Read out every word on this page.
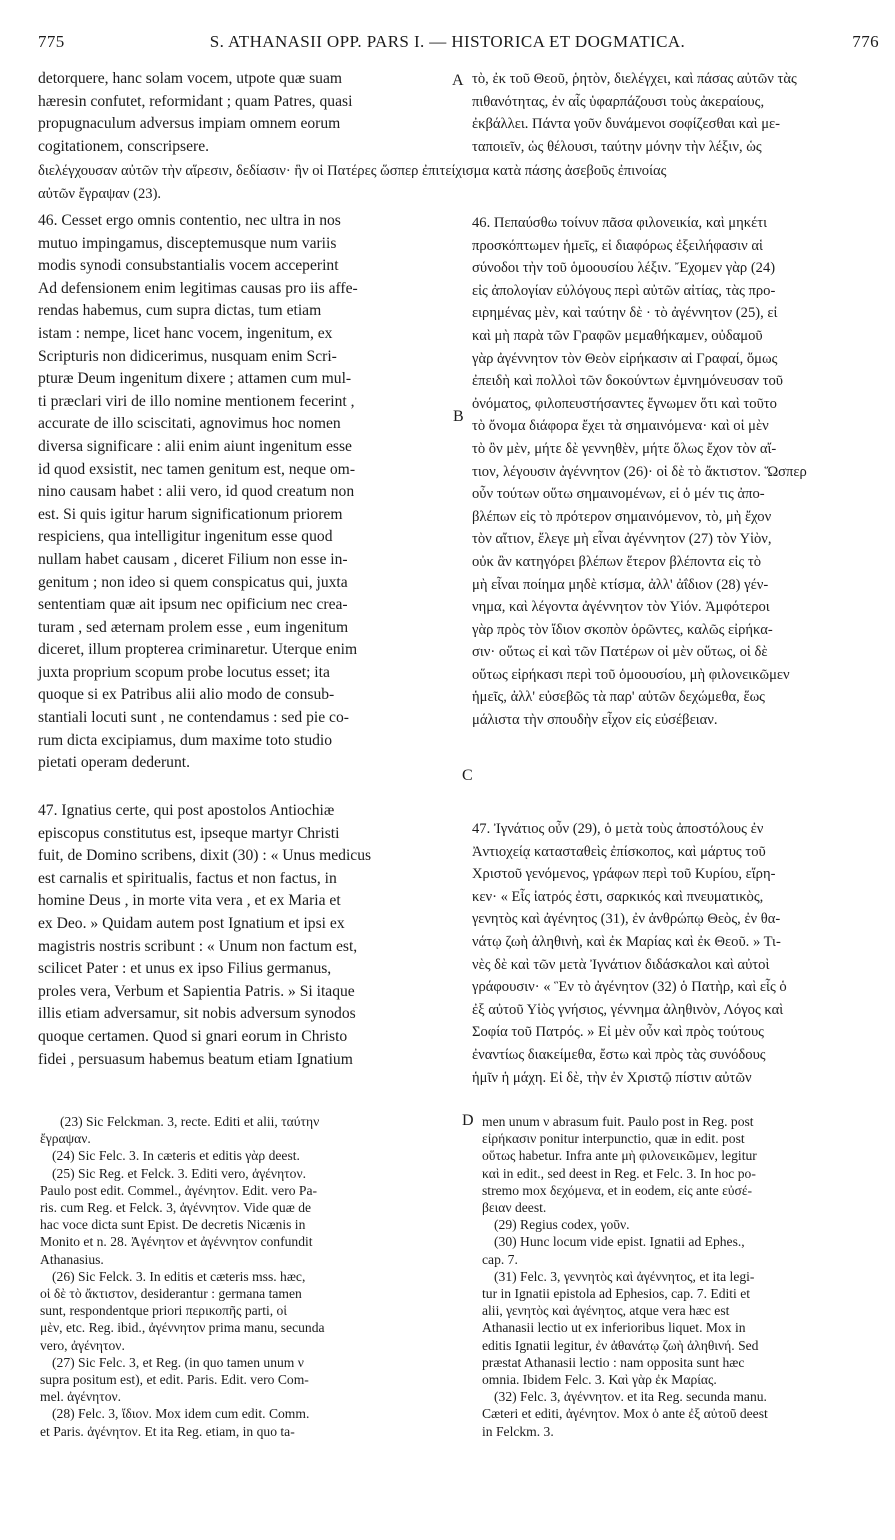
775	S. ATHANASII OPP. PARS I. — HISTORICA ET DOGMATICA.	776

detorquere, hanc solam vocem, utpote quæ suam

hæresin confutet, reformidant ; quam Patres, quasi

propugnaculum adversus impiam omnem eorum

cogitationem, conscripsere.

A τὸ, ἐκ τοῦ Θεοῦ, ῥητὸν, διελέγχει, καὶ πάσας αὐτῶν τὰς

πιθανότητας, ἐν αἷς ὑφαρπάζουσι τοὺς ἀκεραίους,

ἐκβάλλει. Πάντα γοῦν δυνάμενοι σοφίζεσθαι καὶ με-

ταποιεῖν, ὡς θέλουσι, ταύτην μόνην τὴν λέξιν, ὡς

διελέγχουσαν αὐτῶν τὴν αἵρεσιν, δεδίασιν· ἣν οἱ Πατέρες ὥσπερ ἐπιτείχισμα κατὰ πάσης ἀσεβοῦς ἐπινοίας

αὐτῶν ἔγραψαν (23).

46. Cesset ergo omnis contentio, nec ultra in nos

mutuo impingamus, disceptemusque num variis

modis synodi consubstantialis vocem acceperint

Ad defensionem enim legitimas causas pro iis affe-

rendas habemus, cum supra dictas, tum etiam

istam : nempe, licet hanc vocem, ingenitum, ex

Scripturis non didicerimus, nusquam enim Scri-

pturæ Deum ingenitum dixere ; attamen cum mul-

ti præclari viri de illo nomine mentionem fecerint ,

accurate de illo sciscitati, agnovimus hoc nomen

diversa significare : alii enim aiunt ingenitum esse

id quod exsistit, nec tamen genitum est, neque om-

nino causam habet : alii vero, id quod creatum non

est. Si quis igitur harum significationum priorem

respiciens, qua intelligitur ingenitum esse quod

nullam habet causam , diceret Filium non esse in-

genitum ; non ideo si quem conspicatus qui, juxta

sententiam quæ ait ipsum nec opificium nec crea-

turam , sed æternam prolem esse , eum ingenitum

diceret, illum propterea criminaretur. Uterque enim

juxta proprium scopum probe locutus esset; ita

quoque si ex Patribus alii alio modo de consub-

stantiali locuti sunt , ne contendamus : sed pie co-

rum dicta excipiamus, dum maxime toto studio

pietati operam dederunt.

B
C

46. Πεπαύσθω τοίνυν πᾶσα φιλονεικία, καὶ μηκέτι

προσκόπτωμεν ἡμεῖς, εἰ διαφόρως ἐξειλήφασιν αἱ

σύνοδοι τὴν τοῦ ὁμοουσίου λέξιν. Ἔχομεν γὰρ (24)

εἰς ἀπολογίαν εὐλόγους περὶ αὐτῶν αἰτίας, τὰς προ-

ειρημένας μὲν, καὶ ταύτην δὲ · τὸ ἀγέννητον (25), εἰ

καὶ μὴ παρὰ τῶν Γραφῶν μεμαθήκαμεν, οὐδαμοῦ

γὰρ ἀγέννητον τὸν Θεὸν εἰρήκασιν αἱ Γραφαί, ὅμως

ἐπειδὴ καὶ πολλοὶ τῶν δοκούντων ἐμνημόνευσαν τοῦ

ὀνόματος, φιλοπευστήσαντες ἔγνωμεν ὅτι καὶ τοῦτο

τὸ ὄνομα διάφορα ἔχει τὰ σημαινόμενα· καὶ οἱ μὲν

τὸ ὂν μὲν, μήτε δὲ γεννηθὲν, μήτε ὅλως ἔχον τὸν αἴ-

τιον, λέγουσιν ἀγέννητον (26)· οἱ δὲ τὸ ἄκτιστον. Ὥσπερ

οὖν τούτων οὕτω σημαινομένων, εἰ ὁ μέν τις ἀπο-

βλέπων εἰς τὸ πρότερον σημαινόμενον, τὸ, μὴ ἔχον

τὸν αἴτιον, ἔλεγε μὴ εἶναι ἀγέννητον (27) τὸν Υἱὸν,

οὐκ ἂν κατηγόρει βλέπων ἕτερον βλέποντα εἰς τὸ

μὴ εἶναι ποίημα μηδὲ κτίσμα, ἀλλ' ἀΐδιον (28) γέν-

νημα, καὶ λέγοντα ἀγέννητον τὸν Υἱόν. Ἀμφότεροι

γὰρ πρὸς τὸν ἴδιον σκοπὸν ὁρῶντες, καλῶς εἰρήκα-

σιν· οὕτως εἰ καὶ τῶν Πατέρων οἱ μὲν οὕτως, οἱ δὲ

οὕτως εἰρήκασι περὶ τοῦ ὁμοουσίου, μὴ φιλονεικῶμεν

ἡμεῖς, ἀλλ' εὐσεβῶς τὰ παρ' αὐτῶν δεχώμεθα, ἕως

μάλιστα τὴν σπουδὴν εἶχον εἰς εὐσέβειαν.

47. Ignatius certe, qui post apostolos Antiochiæ

episcopus constitutus est, ipseque martyr Christi

fuit, de Domino scribens, dixit (30) : « Unus medicus

est carnalis et spiritualis, factus et non factus, in

homine Deus , in morte vita vera , et ex Maria et

ex Deo. » Quidam autem post Ignatium et ipsi ex

magistris nostris scribunt : « Unum non factum est,

scilicet Pater : et unus ex ipso Filius germanus,

proles vera, Verbum et Sapientia Patris. » Si itaque

illis etiam adversamur, sit nobis adversum synodos

quoque certamen. Quod si gnari eorum in Christo

fidei , persuasum habemus beatum etiam Ignatium

47. Ἰγνάτιος οὖν (29), ὁ μετὰ τοὺς ἀποστόλους ἐν

Ἀντιοχείᾳ κατασταθεὶς ἐπίσκοπος, καὶ μάρτυς τοῦ

Χριστοῦ γενόμενος, γράφων περὶ τοῦ Κυρίου, εἴρη-

κεν· « Εἷς ἰατρός ἐστι, σαρκικός καὶ πνευματικὸς,

γενητὸς καὶ ἀγένητος (31), ἐν ἀνθρώπῳ Θεὸς, ἐν θα-

νάτῳ ζωὴ ἀληθινὴ, καὶ ἐκ Μαρίας καὶ ἐκ Θεοῦ. » Τι-

νὲς δὲ καὶ τῶν μετὰ Ἰγνάτιον διδάσκαλοι καὶ αὐτοὶ

γράφουσιν· « Ἓν τὸ ἀγένητον (32) ὁ Πατὴρ, καὶ εἷς ὁ

ἐξ αὐτοῦ Υἱὸς γνήσιος, γέννημα ἀληθινὸν, Λόγος καὶ

Σοφία τοῦ Πατρός. » Εἰ μὲν οὖν καὶ πρὸς τούτους

ἐναντίως διακείμεθα, ἔστω καὶ πρὸς τὰς συνόδους

ἡμῖν ἡ μάχη. Εἰ δὲ, τὴν ἐν Χριστῷ πίστιν αὐτῶν

D

(23) Sic Felckman. 3, recte. Editi et alii, ταύτην

ἔγραψαν.

(24) Sic Felc. 3. In cæteris et editis γὰρ deest.

(25) Sic Reg. et Felck. 3. Editi vero, ἀγένητον.

Paulo post edit. Commel., ἀγένητον. Edit. vero Pa-

ris. cum Reg. et Felck. 3, ἀγέννητον. Vide quæ de

hac voce dicta sunt Epist. De decretis Nicænis in

Monito et n. 28. Ἀγένητον et ἀγέννητον confundit

Athanasius.

(26) Sic Felck. 3. In editis et cæteris mss. hæc,

οἱ δὲ τὸ ἄκτιστον, desiderantur : germana tamen

sunt, respondentque priori περικοπῆς parti, οἱ

μὲν, etc. Reg. ibid., ἀγέννητον prima manu, secunda

vero, ἀγένητον.

(27) Sic Felc. 3, et Reg. (in quo tamen unum ν

supra positum est), et edit. Paris. Edit. vero Com-

mel. ἀγένητον.

(28) Felc. 3, ἴδιον. Mox idem cum edit. Comm.

et Paris. ἀγένητον. Et ita Reg. etiam, in quo ta-

men unum ν abrasum fuit. Paulo post in Reg. post

εἰρήκασιν ponitur interpunctio, quæ in edit. post

οὕτως habetur. Infra ante μὴ φιλονεικῶμεν, legitur

καὶ in edit., sed deest in Reg. et Felc. 3. In hoc po-

stremo mox δεχόμενα, et in eodem, εἰς ante εὐσέ-

βειαν deest.

(29) Regius codex, γοῦν.

(30) Hunc locum vide epist. Ignatii ad Ephes.,

cap. 7.

(31) Felc. 3, γεννητὸς καὶ ἀγέννητος, et ita legi-

tur in Ignatii epistola ad Ephesios, cap. 7. Editi et

alii, γενητὸς καὶ ἀγένητος, atque vera hæc est

Athanasii lectio ut ex inferioribus liquet. Mox in

editis Ignatii legitur, ἐν ἀθανάτῳ ζωὴ ἀληθινή. Sed

præstat Athanasii lectio : nam opposita sunt hæc

omnia. Ibidem Felc. 3. Καὶ γὰρ ἐκ Μαρίας.

(32) Felc. 3, ἀγέννητον. et ita Reg. secunda manu.

Cæteri et editi, ἀγένητον. Mox ὁ ante ἐξ αὐτοῦ deest

in Felckm. 3.
